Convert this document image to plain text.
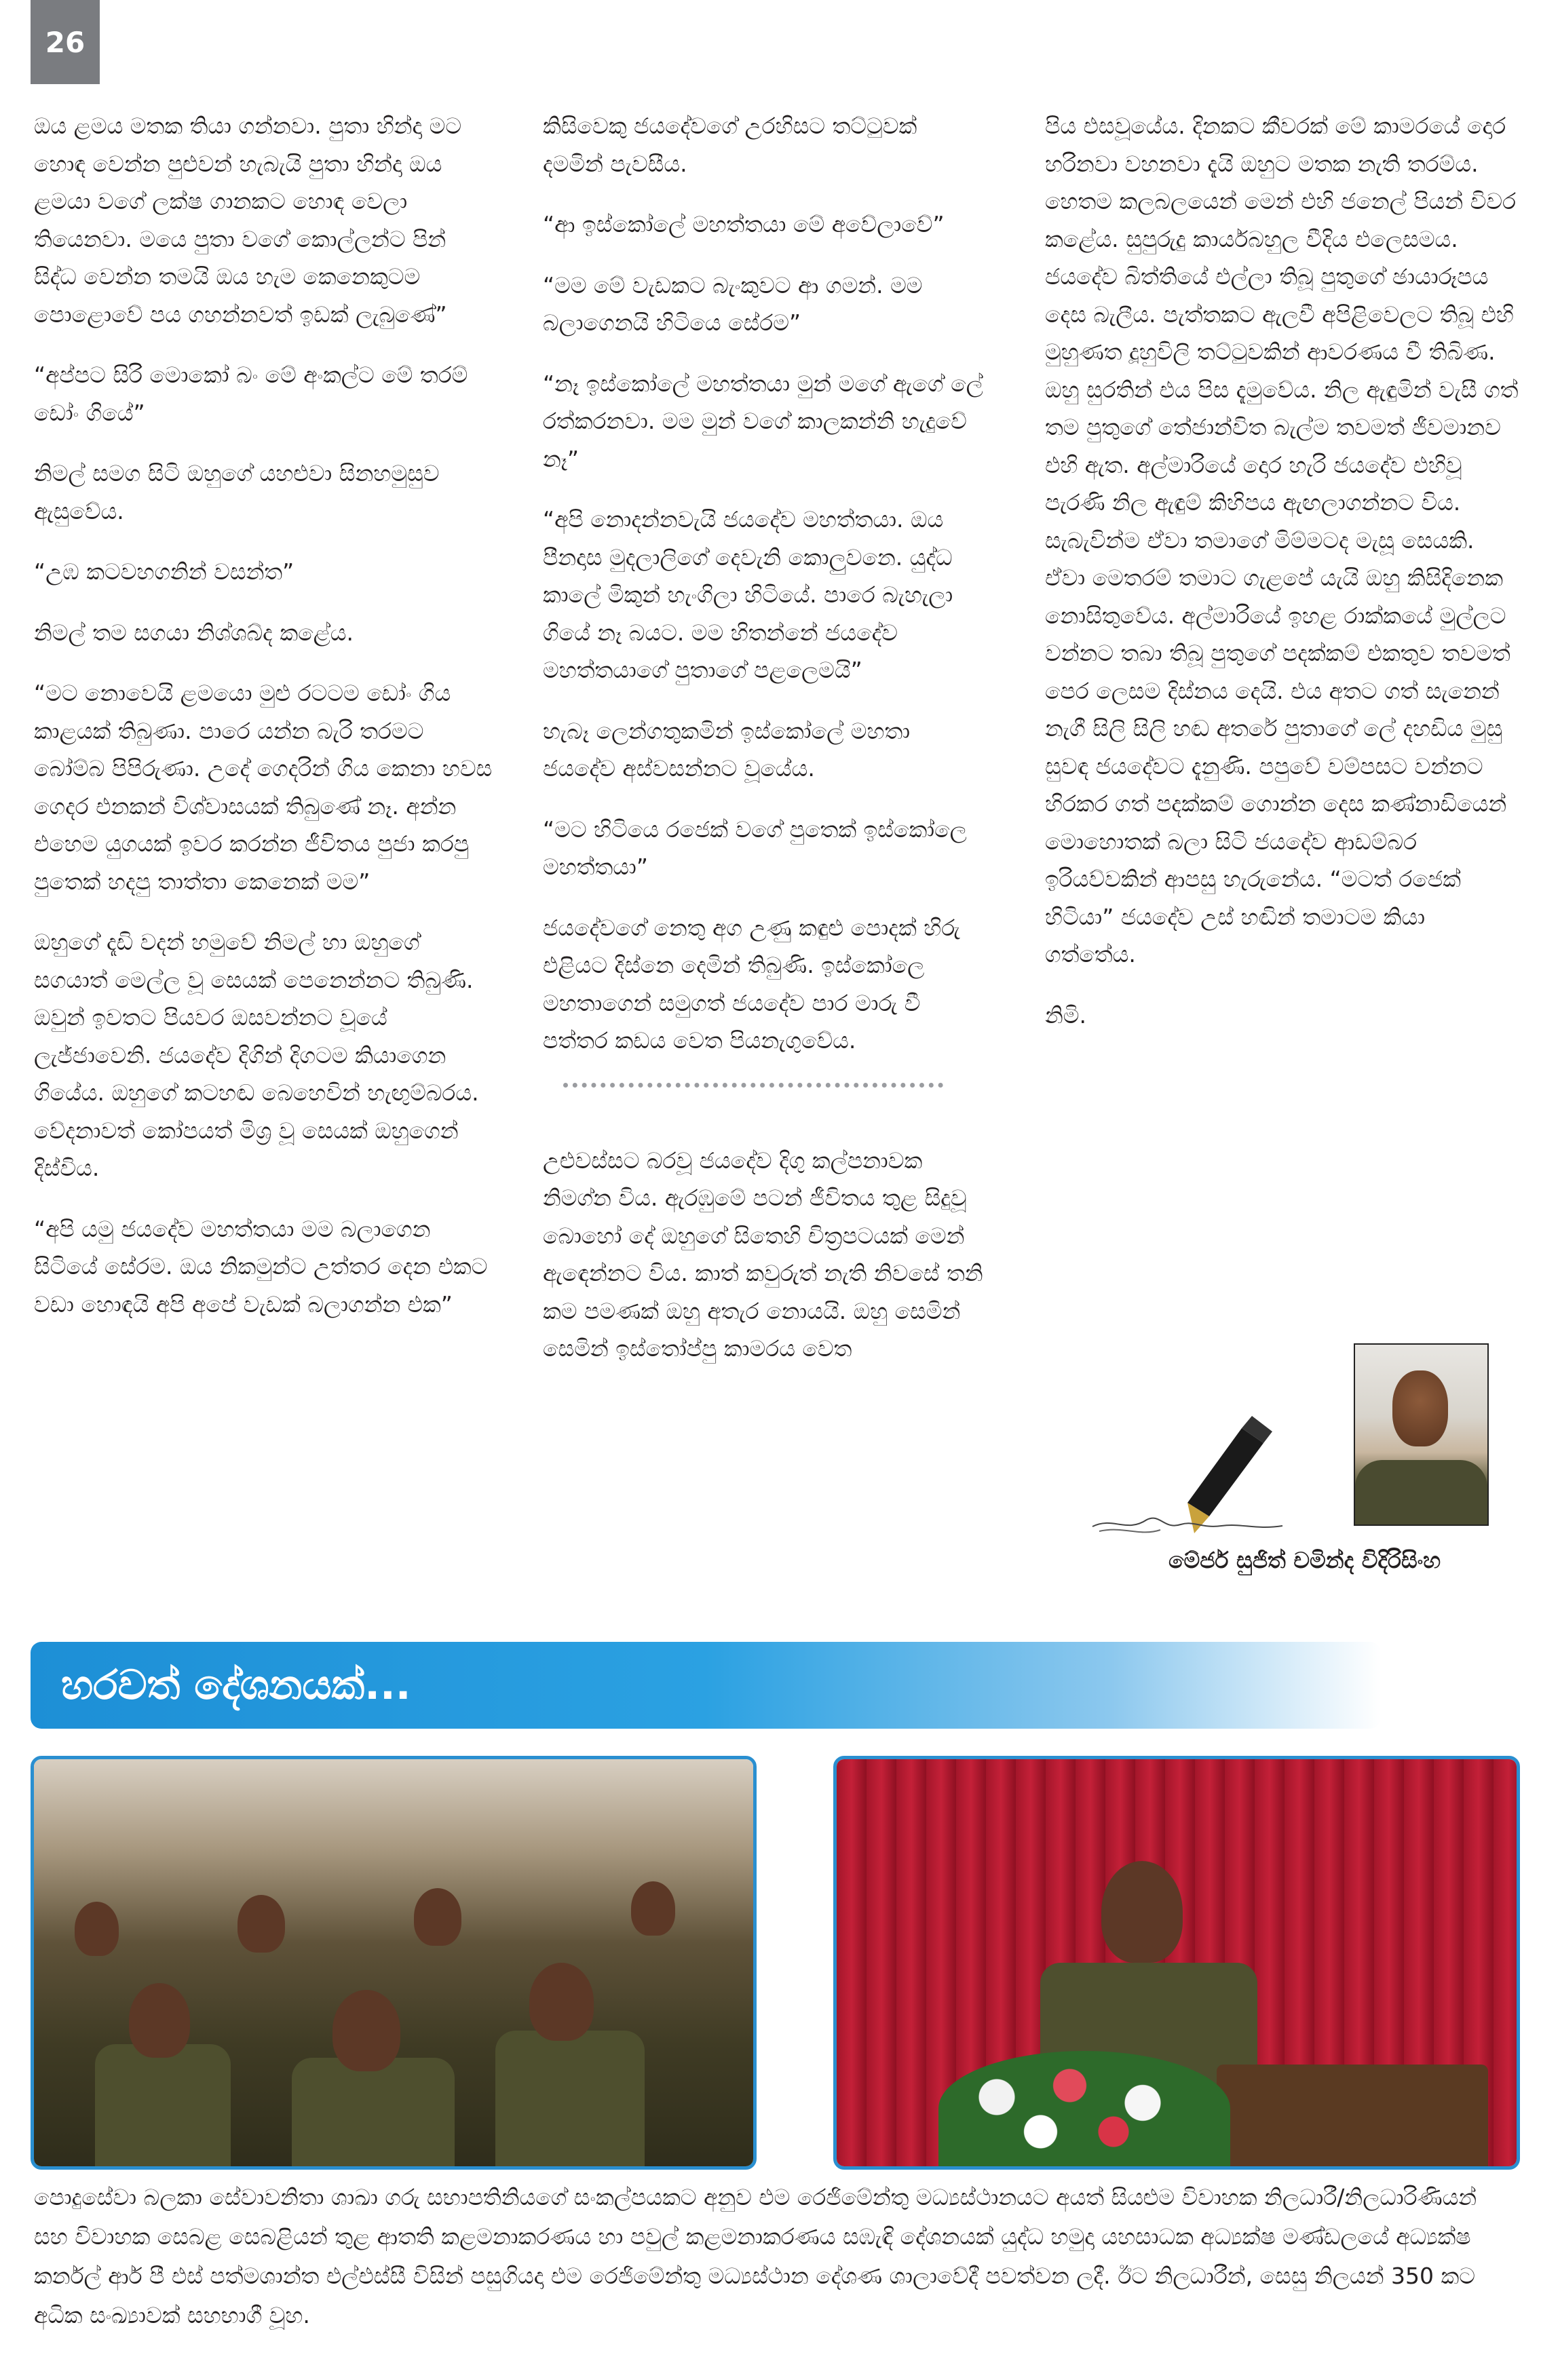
26

ඔය ළමය මතක තියා ගන්නවා. පුතා හින්දා මට හොඳ වෙන්න පුළුවන් හැබැයි පුතා හින්දා ඔය ළමයා වගේ ලක්ෂ ගානකට හොඳ වෙලා තියෙනවා. මයෙ පුතා වගේ කොල්ලන්ට පින් සිද්ධ වෙන්න තමයි ඔය හැම කෙනෙකුටම පොළොවේ පය ගහන්නවත් ඉඩක් ලැබුණේ”

“අප්පට සිරි මොකෝ බං මේ අංකල්ට මේ තරම් ඩෝං ගියේ”

නිමල් සමග සිටි ඔහුගේ යහළුවා සිනහමුසුව ඇසුවේය.

“උඹ කටවහගනින් වසන්ත”

නිමල් තම සගයා නිශ්ශබ්ද කළේය.

“මට නොවෙයි ළමයො මුළු රටටම ඩෝං ගිය කාළයක් තිබුණා. පාරෙ යන්න බැරි තරමට බෝම්බ පිපිරුණා. උදේ ගෙදරින් ගිය කෙනා හවස ගෙදර එනකන් විශ්වාසයක් තිබුණේ නෑ. අන්න එහෙම යුගයක් ඉවර කරන්න ජීවිතය පුජා කරපු පුතෙක් හදපු තාත්තා කෙනෙක් මම”

ඔහුගේ දෑඩි වදන් හමුවේ නිමල් හා ඔහුගේ සගයාත් මෙල්ල වූ සෙයක් පෙනෙන්නට තිබුණි. ඔවුන් ඉවතට පියවර ඔසවන්නට වූයේ ලැජ්ජාවෙනි. ජයදේව දිගින් දිගටම කියාගෙන ගියේය. ඔහුගේ කටහඬ බෙහෙවින් හැඟුම්බරය. වේදනාවත් කෝපයත් මිශ්‍ර වූ සෙයක් ඔහුගෙන් දිස්විය.

“අපි යමු ජයදේව මහත්තයා මම බලාගෙන සිටියේ සේරම. ඔය නිකමුන්ට උත්තර දෙන එකට වඩා හොඳයි අපි අපේ වැඩක් බලාගන්න එක”

කිසිවෙකු ජයදේවගේ උරහිසට තට්ටුවක් දමමින් පැවසීය.

“ආ ඉස්කෝලේ මහත්තයා මේ අවේලාවේ”

“මම මේ වැඩකට බැංකුවට ආ ගමන්. මම බලාගෙනයි හිටියෙ සේරම”

“නෑ ඉස්කෝලේ මහත්තයා මුන් මගේ ඇගේ ලේ රත්කරනවා. මම මුන් වගේ කාලකන්නි හැදුවේ නෑ”

“අපි නොදන්නවැයි ජයදේව මහත්තයා. ඔය පීනදාස මුදලාලිගේ දෙවැනි කොලුවනෙ. යුද්ධ කාලේ මිකුන් හැංගිලා හිටියේ. පාරෙ බැහැලා ගියේ නෑ බයට. මම හිතන්නේ ජයදේව මහත්තයාගේ පුතාගේ පළලෙමයි”

හැබෑ ලෙන්ගතුකමින් ඉස්කෝලේ මහතා ජයදේව අස්වසන්නට වූයේය.

“මට හිටියෙ රජෙක් වගේ පුතෙක් ඉස්කෝලෙ මහත්තයා”

ජයදේවගේ නෙතු අග උණු කඳුළු පොදක් හිරු එළියට දිස්නෙ දෙමින් තිබුණි. ඉස්කෝලෙ මහතාගෙන් සමුගත් ජයදේව පාර මාරු වී පත්තර කඩය වෙත පියනැගුවේය.

උළුවස්සට බරවූ ජයදේව දිගු කල්පනාවක නිමග්න විය. ඇරඹුමේ පටන් ජීවිතය තුළ සිදුවූ බොහෝ දේ ඔහුගේ සිතෙහි චිත්‍රපටයක් මෙන් ඇඳෙන්නට විය. කාත් කවුරුත් නැති නිවසේ තනි කම පමණක් ඔහු අතැර නොයයි. ඔහු සෙමින් සෙමින් ඉස්තෝප්පු කාමරය වෙත

පිය එසවූයේය. දිනකට කීවරක් මේ කාමරයේ දොර හරිනවා වහනවා දැයි ඔහුට මතක නැති තරම්ය. හෙතම කලබලයෙන් මෙන් එහි ජනෙල් පියන් විවර කළේය. සුපුරුදු කාර්යබහුල වීදිය එලෙසමය. ජයදේව බිත්තියේ එල්ලා තිබූ පුතුගේ ඡායාරූපය දෙස බැලීය. පැත්තකට ඇලවී අපිළිවෙලට තිබූ එහි මුහුණත දූහුවිලි තට්ටුවකින් ආවරණය වී තිබිණ. ඔහු සුරතින් එය පිස දැමුවේය. නිල ඇඳුමින් වැසී ගත් තම පුතුගේ තේජාන්විත බැල්ම තවමත් ජීවමානව එහි ඇත. අල්මාරියේ දොර හැරි ජයදේව එහිවූ පැරණි නිල ඇඳුම් කිහිපය ඇඟලාගන්නට විය. සැබැවින්ම ඒවා තමාගේ මිම්මටද මැසූ සෙයකි. ඒවා මෙතරම් තමාට ගැළපේ යැයි ඔහු කිසිදිනෙක නොසිතුවේය. අල්මාරියේ ඉහළ රාක්කයේ මුල්ලට වන්නට තබා තිබූ පුතුගේ පදක්කම් එකතුව තවමත් පෙර ලෙසම දිස්නය දෙයි. එය අතට ගත් සැනෙන් නැගී සිලි සිලි හඬ අතරේ පුතාගේ ලේ දහඩිය මුසු සුවඳ ජයදේවට දැනුණි. පපුවේ වම්පසට වන්නට හිරකර ගත් පදක්කම් ගොන්න දෙස කණ්නාඩියෙන් මොහොතක් බලා සිටි ජයදේව ආඩම්බර ඉරියව්වකින් ආපසු හැරුනේය. “මටත් රජෙක් හිටියා” ජයදේව උස් හඬින් තමාටම කියා ගත්තේය.

නිමි.

මේජර් සුජිත් චමින්ද විදිරිසිංහ
හරවත් දේශනයක්...
පොදුසේවා බලකා සේවාවනිතා ශාඛා ගරු සභාපතිනියගේ සංකල්පයකට අනුව එම රෙජිමේන්තු මධ්‍යස්ථානයට අයත් සියළුම විවාහක නිලධාරී/නිලධාරිණියන් සහ විවාහක සෙබළ සෙබළියන් තුළ ආතති කළමනාකරණය හා පවුල් කළමනාකරණය සඹැඳි දේශනයක් යුද්ධ හමුදා යහසාධක අධ්‍යක්ෂ මණ්ඩලයේ අධ්‍යක්ෂ කර්නල් ආර් පී එස් පත්මශාන්ත එල්එස්සී විසින් පසුගියදා එම රෙජිමේන්තු මධ්‍යස්ථාන දේශණ ශාලාවේදී පවත්වන ලදී. ඊට නිලධාරීන්, සෙසු නිලයන් 350 කට අධික සංඛ්‍යාවක් සහභාගී වූහ.
